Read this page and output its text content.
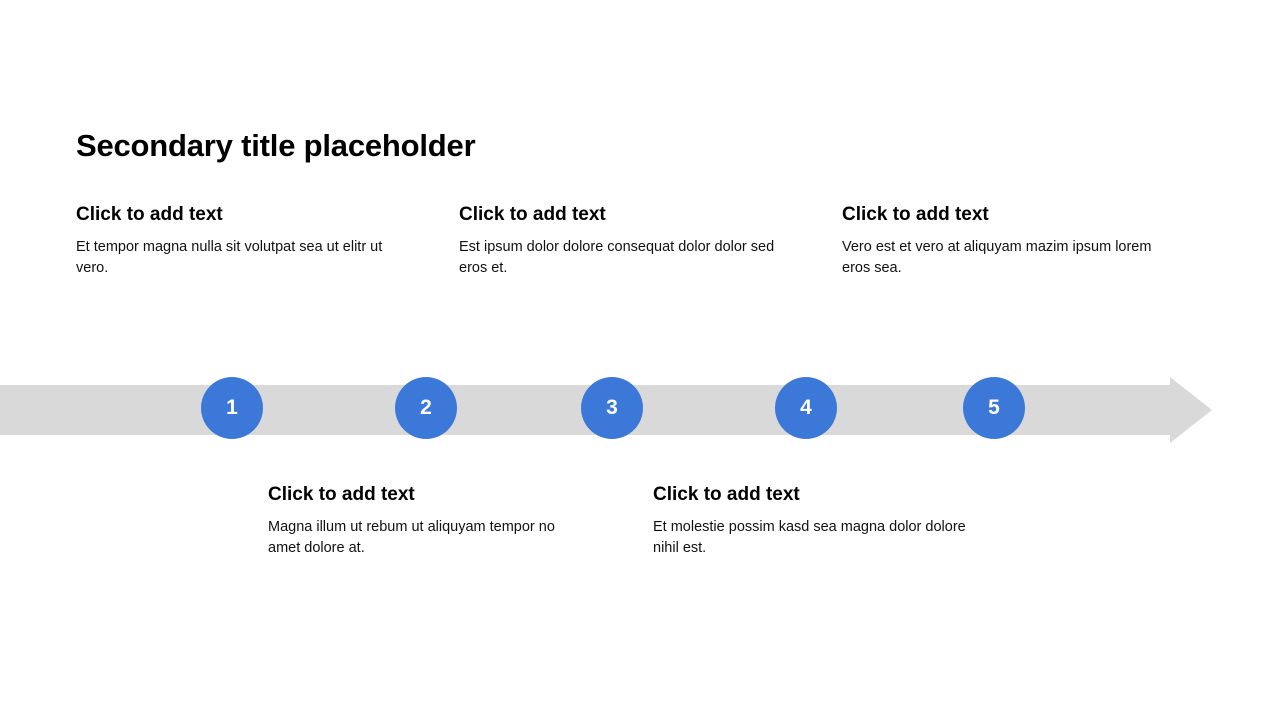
Secondary title placeholder
Click to add text
Et tempor magna nulla sit volutpat sea ut elitr ut vero.
Click to add text
Est ipsum dolor dolore consequat dolor dolor sed eros et.
Click to add text
Vero est et vero at aliquyam mazim ipsum lorem eros sea.
1	2	3	4	5
Click to add text
Magna illum ut rebum ut aliquyam tempor no amet dolore at.
Click to add text
Et molestie possim kasd sea magna dolor dolore nihil est.
